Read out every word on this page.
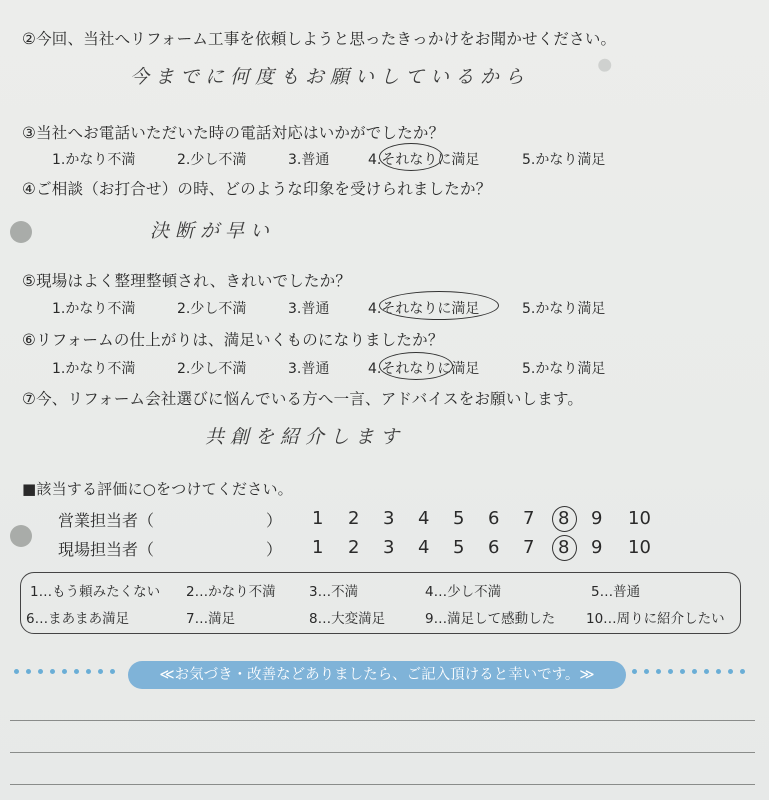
・
②今回、当社へリフォーム工事を依頼しようと思ったきっかけをお聞かせください。
今までに何度もお願いしているから
③当社へお電話いただいた時の電話対応はいかがでしたか？
1.かなり不満	2.少し不満	3.普通	4.それなりに満足	5.かなり満足
④ご相談（お打合せ）の時、どのような印象を受けられましたか？
決断が早い
⑤現場はよく整理整頓され、きれいでしたか？
1.かなり不満	2.少し不満	3.普通	4.それなりに満足	5.かなり満足
⑥リフォームの仕上がりは、満足いくものになりましたか？
1.かなり不満	2.少し不満	3.普通	4.それなりに満足	5.かなり満足
⑦今、リフォーム会社選びに悩んでいる方へ一言、アドバイスをお願いします。
共創を紹介します
■該当する評価に○をつけてください。
営業担当者（　　　　　　　） 1 2 3 4 5 6 7 8 9 10
現場担当者（　　　　　　　） 1 2 3 4 5 6 7 8 9 10
1…もう頼みたくない 2…かなり不満 3…不満	4…少し不満	5…普通
6…まあまあ満足	7…満足	8…大変満足	9…満足して感動した 10…周りに紹介したい
≪お気づき・改善などありましたら、ご記入頂けると幸いです。≫
